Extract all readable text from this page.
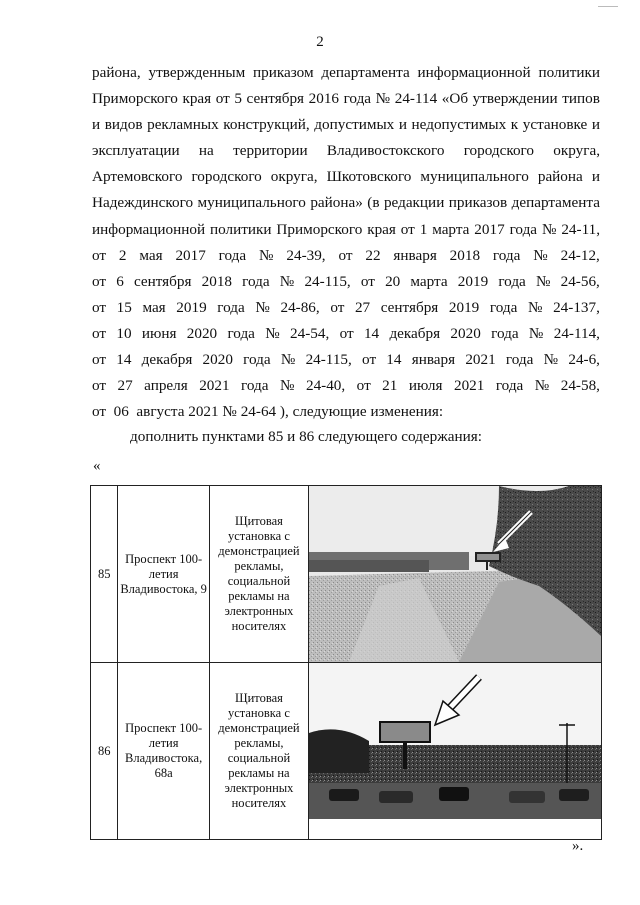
2
района, утвержденным приказом департамента информационной политики
Приморского края от 5 сентября 2016 года № 24-114 «Об утверждении типов
и видов рекламных конструкций, допустимых и недопустимых к установке и
эксплуатации на территории Владивостокского городского округа,
Артемовского городского округа, Шкотовского муниципального района и
Надеждинского муниципального района» (в редакции приказов департамента
информационной политики Приморского края от 1 марта 2017 года № 24-11,
от 2 мая 2017 года № 24-39, от 22 января 2018 года № 24-12,
от 6 сентября 2018 года № 24-115, от 20 марта 2019 года № 24-56,
от 15 мая 2019 года № 24-86, от 27 сентября 2019 года № 24-137,
от 10 июня 2020 года № 24-54, от 14 декабря 2020 года № 24-114,
от 14 декабря 2020 года № 24-115, от 14 января 2021 года № 24-6,
от 27 апреля 2021 года № 24-40, от 21 июля 2021 года № 24-58,
от  06  августа 2021 № 24-64 ), следующие изменения:
дополнить пунктами 85 и 86 следующего содержания:
«
85	Проспект 100-летия Владивостока, 9	Щитовая установка с демонстрацией рекламы, социальной рекламы на электронных носителях	

86	Проспект 100-летия Владивостока, 68а	Щитовая установка с демонстрацией рекламы, социальной рекламы на электронных носителях	
».
